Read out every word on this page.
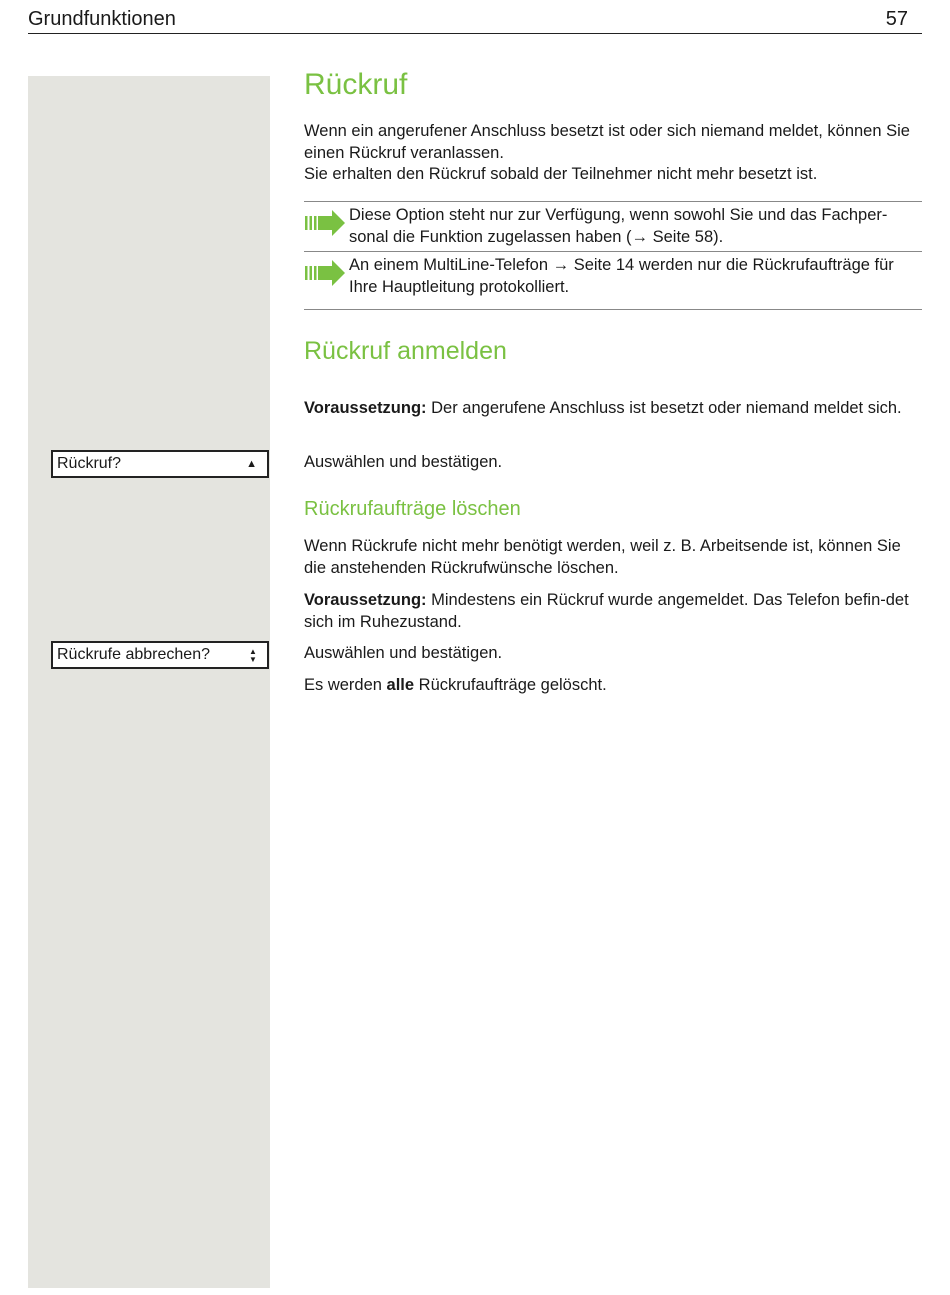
Grundfunktionen	57
Rückruf?	▲
Rückrufe abbrechen?	▲▼
Rückruf
Wenn ein angerufener Anschluss besetzt ist oder sich niemand meldet, können Sie einen Rückruf veranlassen.
Sie erhalten den Rückruf sobald der Teilnehmer nicht mehr besetzt ist.
Diese Option steht nur zur Verfügung, wenn sowohl Sie und das Fachper-sonal die Funktion zugelassen haben (→ Seite 58).
An einem MultiLine-Telefon → Seite 14 werden nur die Rückrufaufträge für Ihre Hauptleitung protokolliert.
Rückruf anmelden
Voraussetzung: Der angerufene Anschluss ist besetzt oder niemand meldet sich.
Auswählen und bestätigen.
Rückrufaufträge löschen
Wenn Rückrufe nicht mehr benötigt werden, weil z. B. Arbeitsende ist, können Sie die anstehenden Rückrufwünsche löschen.
Voraussetzung: Mindestens ein Rückruf wurde angemeldet. Das Telefon befin-det sich im Ruhezustand.
Auswählen und bestätigen.
Es werden alle Rückrufaufträge gelöscht.
